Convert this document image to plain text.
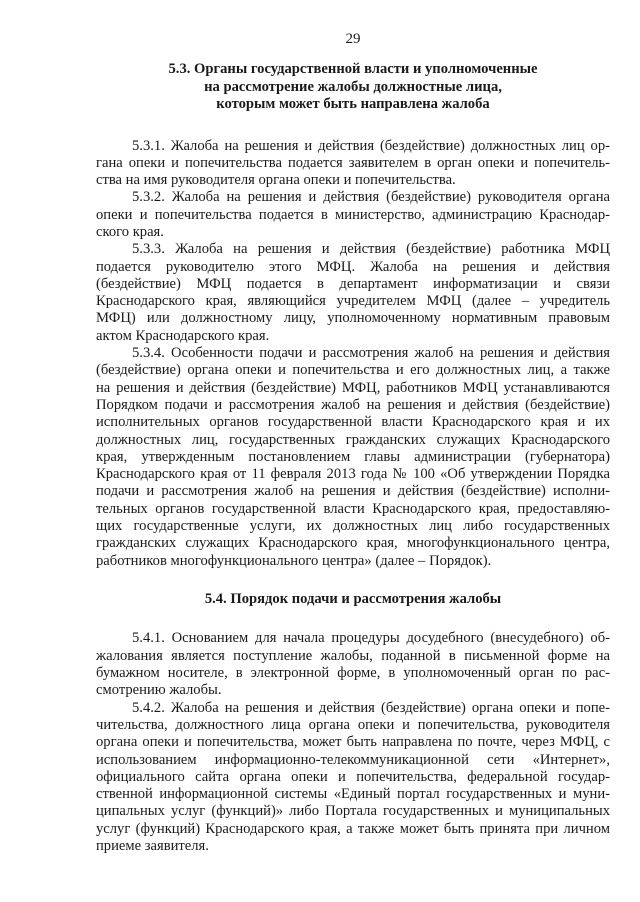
29
5.3. Органы государственной власти и уполномоченные
на рассмотрение жалобы должностные лица,
которым может быть направлена жалоба
5.3.1. Жалоба на решения и действия (бездействие) должностных лиц ор-
гана опеки и попечительства подается заявителем в орган опеки и попечитель-
ства на имя руководителя органа опеки и попечительства.
5.3.2. Жалоба на решения и действия (бездействие) руководителя органа
опеки и попечительства подается в министерство, администрацию Краснодар-
ского края.
5.3.3. Жалоба на решения и действия (бездействие) работника МФЦ
подается руководителю этого МФЦ. Жалоба на решения и действия
(бездействие) МФЦ подается в департамент информатизации и связи
Краснодарского края, являющийся учредителем МФЦ (далее – учредитель
МФЦ) или должностному лицу, уполномоченному нормативным правовым
актом Краснодарского края.
5.3.4. Особенности подачи и рассмотрения жалоб на решения и действия
(бездействие) органа опеки и попечительства и его должностных лиц, а также
на решения и действия (бездействие) МФЦ, работников МФЦ устанавливаются
Порядком подачи и рассмотрения жалоб на решения и действия (бездействие)
исполнительных органов государственной власти Краснодарского края и их
должностных лиц, государственных гражданских служащих Краснодарского
края, утвержденным постановлением главы администрации (губернатора)
Краснодарского края от 11 февраля 2013 года № 100 «Об утверждении Порядка
подачи и рассмотрения жалоб на решения и действия (бездействие) исполни-
тельных органов государственной власти Краснодарского края, предоставляю-
щих государственные услуги, их должностных лиц либо государственных
гражданских служащих Краснодарского края, многофункционального центра,
работников многофункционального центра» (далее – Порядок).
5.4. Порядок подачи и рассмотрения жалобы
5.4.1. Основанием для начала процедуры досудебного (внесудебного) об-
жалования является поступление жалобы, поданной в письменной форме на
бумажном носителе, в электронной форме, в уполномоченный орган по рас-
смотрению жалобы.
5.4.2. Жалоба на решения и действия (бездействие) органа опеки и попе-
чительства, должностного лица органа опеки и попечительства, руководителя
органа опеки и попечительства, может быть направлена по почте, через МФЦ, с
использованием информационно-телекоммуникационной сети «Интернет»,
официального сайта органа опеки и попечительства, федеральной государ-
ственной информационной системы «Единый портал государственных и муни-
ципальных услуг (функций)» либо Портала государственных и муниципальных
услуг (функций) Краснодарского края, а также может быть принята при личном
приеме заявителя.
